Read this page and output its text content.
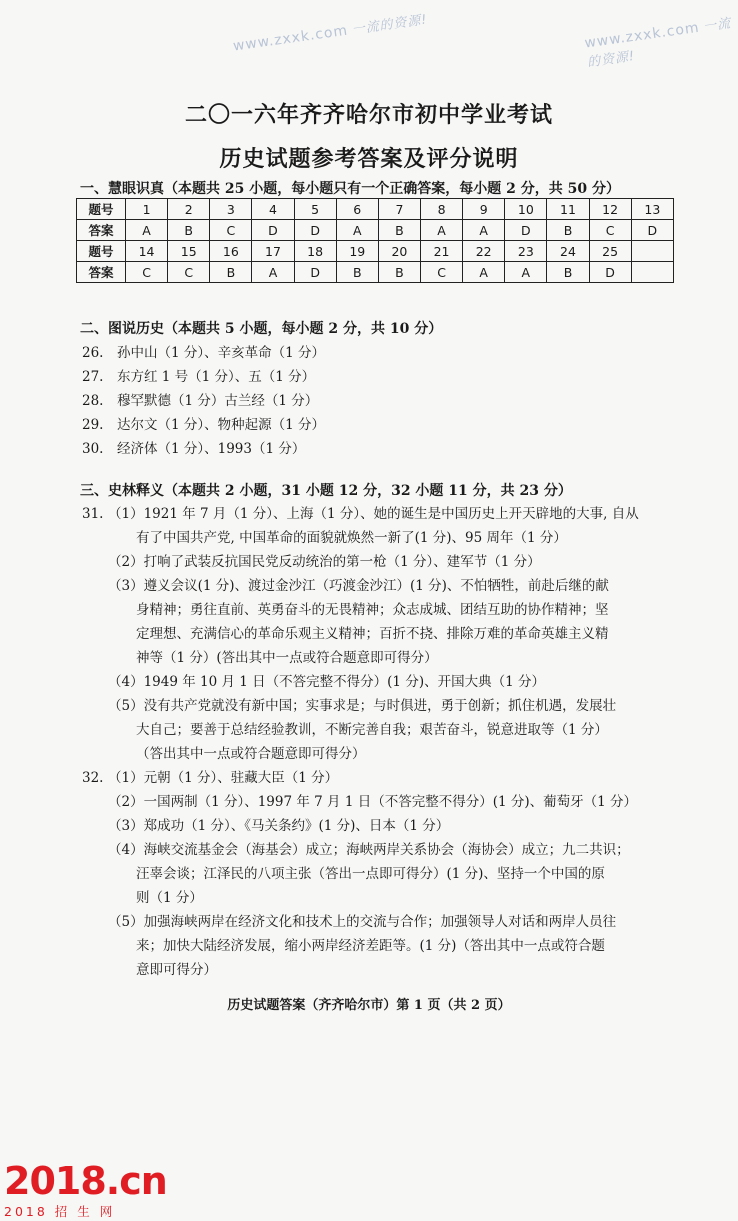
www.zxxk.com 一流的资源!	www.zxxk.com 一流的资源!
二〇一六年齐齐哈尔市初中学业考试
历史试题参考答案及评分说明
一、慧眼识真（本题共 25 小题，每小题只有一个正确答案，每小题 2 分，共 50 分）
题号	1	2	3	4	5	6	7	8	9	10	11	12	13
答案	A	B	C	D	D	A	B	A	A	D	B	C	D
题号	14	15	16	17	18	19	20	21	22	23	24	25	
答案	C	C	B	A	D	B	B	C	A	A	B	D	
二、图说历史（本题共 5 小题，每小题 2 分，共 10 分）
26.　孙中山（1 分）、辛亥革命（1 分）
27.　东方红 1 号（1 分）、五（1 分）
28.　穆罕默德（1 分）古兰经（1 分）
29.　达尔文（1 分）、物种起源（1 分）
30.　经济体（1 分）、1993（1 分）
三、史林释义（本题共 2 小题，31 小题 12 分，32 小题 11 分，共 23 分）
31. （1）1921 年 7 月（1 分）、上海（1 分）、她的诞生是中国历史上开天辟地的大事, 自从
有了中国共产党, 中国革命的面貌就焕然一新了(1 分)、95 周年（1 分）
（2）打响了武装反抗国民党反动统治的第一枪（1 分）、建军节（1 分）
（3）遵义会议(1 分)、渡过金沙江（巧渡金沙江）(1 分)、不怕牺牲，前赴后继的献
身精神；勇往直前、英勇奋斗的无畏精神；众志成城、团结互助的协作精神；坚
定理想、充满信心的革命乐观主义精神；百折不挠、排除万难的革命英雄主义精
神等（1 分）(答出其中一点或符合题意即可得分）
（4）1949 年 10 月 1 日（不答完整不得分）(1 分)、开国大典（1 分）
（5）没有共产党就没有新中国；实事求是；与时俱进，勇于创新；抓住机遇，发展壮
大自己；要善于总结经验教训，不断完善自我；艰苦奋斗，锐意进取等（1 分）
（答出其中一点或符合题意即可得分）
32. （1）元朝（1 分）、驻藏大臣（1 分）
（2）一国两制（1 分）、1997 年 7 月 1 日（不答完整不得分）(1 分)、葡萄牙（1 分）
（3）郑成功（1 分）、《马关条约》(1 分)、日本（1 分）
（4）海峡交流基金会（海基会）成立；海峡两岸关系协会（海协会）成立；九二共识；
汪辜会谈；江泽民的八项主张（答出一点即可得分）(1 分)、坚持一个中国的原
则（1 分）
（5）加强海峡两岸在经济文化和技术上的交流与合作；加强领导人对话和两岸人员往
来；加快大陆经济发展，缩小两岸经济差距等。(1 分)（答出其中一点或符合题
意即可得分）
历史试题答案（齐齐哈尔市）第 1 页（共 2 页）
2018.cn
2018 招 生 网
